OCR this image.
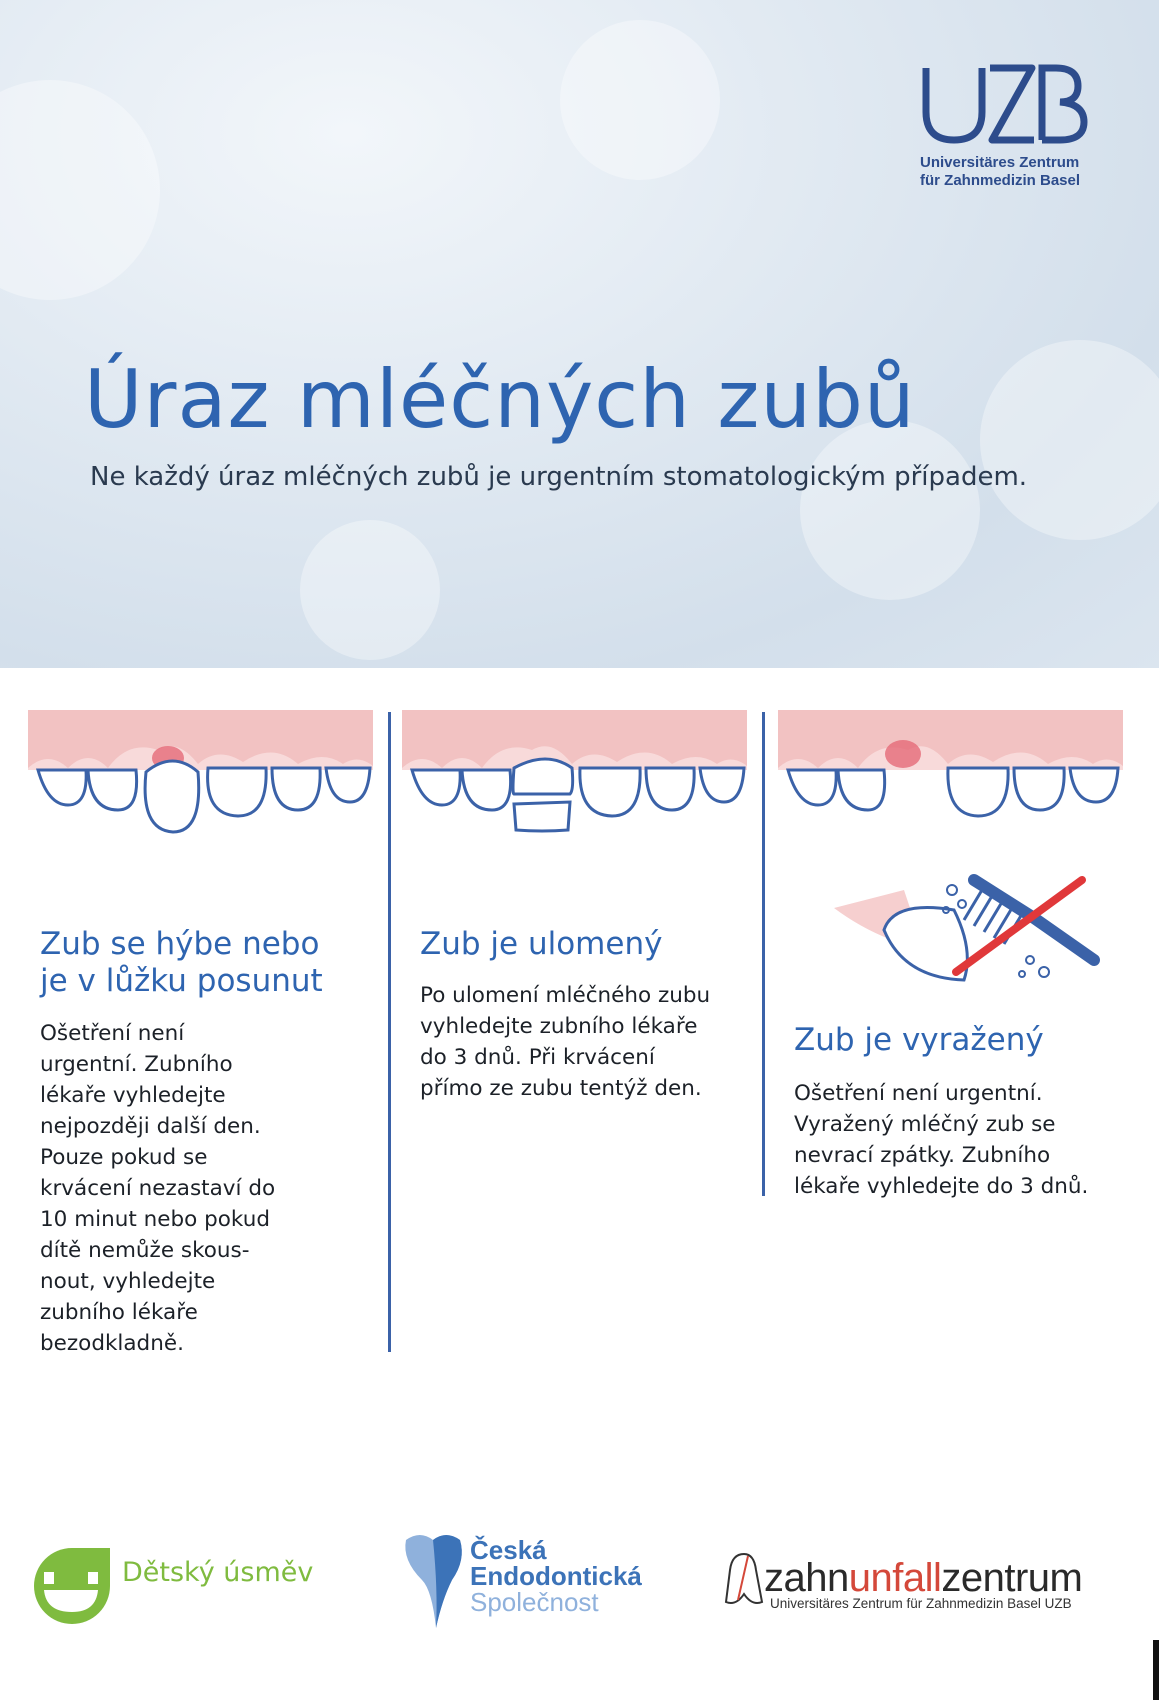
Universitäres Zentrum
für Zahnmedizin Basel
Úraz mléčných zubů
Ne každý úraz mléčných zubů je urgentním stomatologickým případem.
Zub se hýbe nebo
je v lůžku posunut
Ošetření není
urgentní. Zubního
lékaře vyhledejte
nejpozději další den.
Pouze pokud se
krvácení nezastaví do
10 minut nebo pokud
dítě nemůže skous-
nout, vyhledejte
zubního lékaře
bezodkladně.
Zub je ulomený
Po ulomení mléčného zubu
vyhledejte zubního lékaře
do 3 dnů. Při krvácení
přímo ze zubu tentýž den.
Zub je vyražený
Ošetření není urgentní.
Vyražený mléčný zub se
nevrací zpátky. Zubního
lékaře vyhledejte do 3 dnů.
Dětský úsměv
Česká
Endodontická
Společnost
zahnunfallzentrum
Universitäres Zentrum für Zahnmedizin Basel UZB
